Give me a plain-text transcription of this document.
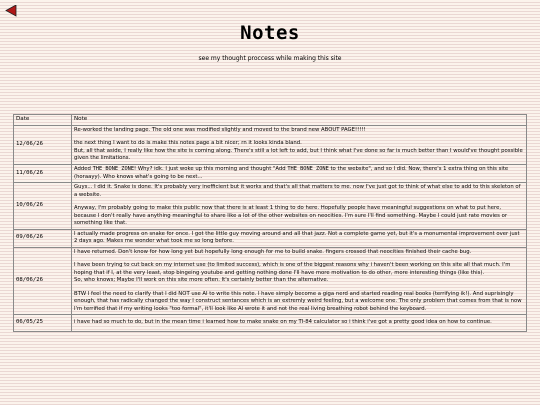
Notes

see my thought proccess while making this site

Date	Note
12/06/26	Re-worked the landing page. The old one was modified slightly and moved to the brand new ABOUT PAGE!!!!!

the next thing I want to do is make this notes page a bit nicer; rn it looks kinda bland.
But, all that aside, I really like how the site is coming along. There's still a lot left to add, but I think what I've done so far is much better than I would've thought possible given the limitations.

11/06/26	Added THE BONE ZONE! Why? idk. I just woke up this morning and thought "Add THE BONE ZONE to the website", and so I did. Now, there's 1 extra thing on this site (horaayy). Who knows what's going to be next...

10/06/26	Guys... I did it. Snake is done. It's probably very inefficient but it works and that's all that matters to me. now I've just got to think of what else to add to this skeleton of a website.

Anyway, I'm probably going to make this public now that there is at least 1 thing to do here. Hopefully people have meaningful suggestions on what to put here, because I don't really have anything meaningful to share like a lot of the other websites on neocities. I'm sure I'll find something. Maybe I could just rate movies or something like that.

09/06/26	I actually made progress on snake for once. I got the little guy moving around and all that jazz. Not a complete game yet, but it's a monumental improvement over just 2 days ago. Makes me wonder what took me so long before.

08/06/26	I have returned. Don't know for how long yet but hopefully long enough for me to build snake. fingers crossed that neocities finished their cache bug.

I have been trying to cut back on my internet use (to limited success), which is one of the biggest reasons why i haven't been working on this site all that much. I'm hoping that if I, at the very least, stop bingeing youtube and getting nothing done I'll have more motivation to do other, more interesting things (like this).
So, who knows; Maybe I'll work on this site more often. It's certainly better than the alternative.

BTW I feel the need to clarify that I did NOT use AI to write this note. I have simply become a giga nerd and started reading real books (terrifying ik!). And suprisingly enough, that has radically changed the way I construct sentances which is an extremly weird feeling, but a welcome one. The only problem that comes from that is now I'm terrified that if my writing looks "too formal", it'll look like AI wrote it and not the real living breathing robot behind the keyboard.

06/05/25	i have had so much to do, but in the mean time i learned how to make snake on my TI-84 calculator so i think i've got a pretty good idea on how to continue.
